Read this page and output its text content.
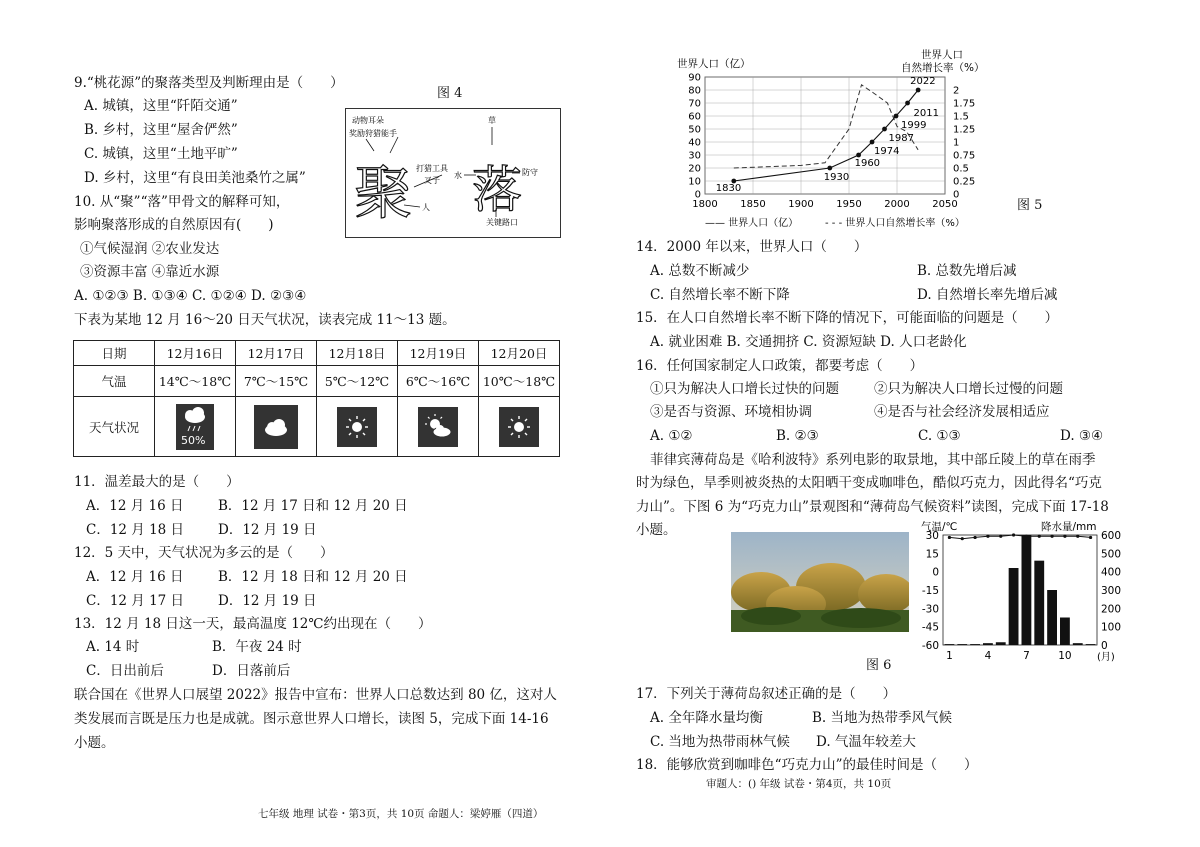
9.“桃花源”的聚落类型及判断理由是（　　）
A. 城镇，这里“阡陌交通”
B. 乡村，这里“屋舍俨然”
C. 城镇，这里“土地平旷”
D. 乡村，这里“有良田美池桑竹之属”
图 4
动物耳朵
奖励狩猎能手
打猎工具
叉子
人
草
水	防守
关键路口
聚 落
10. 从“聚”“落”甲骨文的解释可知，
影响聚落形成的自然原因有(　　)
①气候湿润 ②农业发达
③资源丰富 ④靠近水源
A. ①②③ B. ①③④ C. ①②④ D. ②③④
下表为某地 12 月 16～20 日天气状况，读表完成 11～13 题。
日期	12月16日	12月17日	12月18日	12月19日	12月20日
气温	14℃～18℃	7℃～15℃	5℃～12℃	6℃～16℃	10℃～18℃
天气状况	50%

11．温差最大的是（　　）
A．12 月 16 日	B．12 月 17 日和 12 月 20 日
C．12 月 18 日	D．12 月 19 日
12．5 天中，天气状况为多云的是（　　）
A．12 月 16 日	B．12 月 18 日和 12 月 20 日
C．12 月 17 日	D．12 月 19 日
13．12 月 18 日这一天，最高温度 12℃约出现在（　　）
A. 14 时	B．午夜 24 时
C．日出前后	D．日落前后
联合国在《世界人口展望 2022》报告中宣布：世界人口总数达到 80 亿，这对人
类发展而言既是压力也是成就。图示意世界人口增长，读图 5，完成下面 14-16
小题。
七年级 地理 试卷・第3页，共 10页 命题人：梁婷雁（四道）
世界人口（亿）
世界人口
自然增长率（%）
0
10
20
30
40
50
60
70
80
90
0
0.25
0.5
0.75
1
1.25
1.5
1.75
2
1800 1850 1900 1950 2000 2050
1830
1930
1960
1974
1987
1999
2011
2022
—— 世界人口（亿）	- - - 世界人口自然增长率（%）
图 5
14．2000 年以来，世界人口（　　）
A. 总数不断减少	B. 总数先增后减
C. 自然增长率不断下降	D. 自然增长率先增后减
15．在人口自然增长率不断下降的情况下，可能面临的问题是（　　）
A. 就业困难 B. 交通拥挤 C. 资源短缺 D. 人口老龄化
16．任何国家制定人口政策，都要考虑（　　）
①只为解决人口增长过快的问题	②只为解决人口增长过慢的问题
③是否与资源、环境相协调	④是否与社会经济发展相适应
A. ①②	B. ②③	C. ①③	D. ③④
菲律宾薄荷岛是《哈利波特》系列电影的取景地，其中部丘陵上的草在雨季
时为绿色，旱季则被炎热的太阳晒干变成咖啡色，酷似巧克力，因此得名“巧克
力山”。下图 6 为“巧克力山”景观图和“薄荷岛气候资料”读图，完成下面 17-18
小题。	气温/℃	降水量/mm
30
15
0
-15
-30
-45
-60
600
500
400
300
200
100
0
1	4	7	10	(月)
图 6
17．下列关于薄荷岛叙述正确的是（　　）
A. 全年降水量均衡	B. 当地为热带季风气候
C. 当地为热带雨林气候 D. 气温年较差大
18．能够欣赏到咖啡色“巧克力山”的最佳时间是（　　）
审题人：() 年级 试卷・第4页，共 10页
